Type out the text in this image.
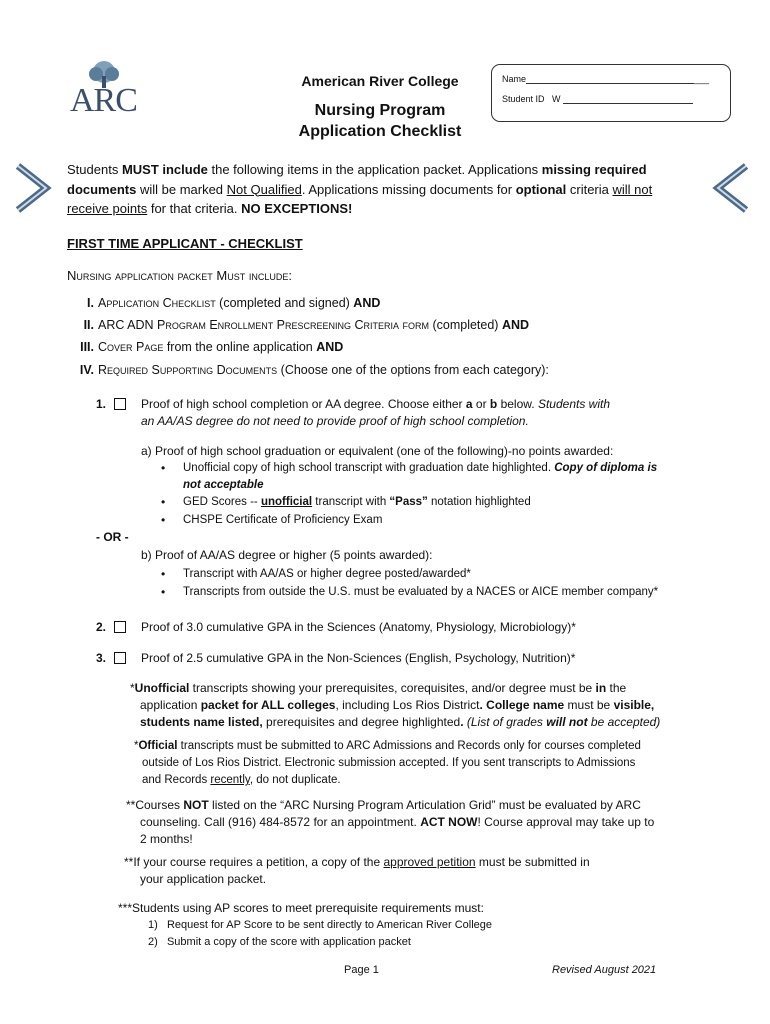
ARC
American River College
Nursing Program
Application Checklist
Name	___
Student ID W
Students MUST include the following items in the application packet. Applications missing required documents will be marked Not Qualified. Applications missing documents for optional criteria will not receive points for that criteria. NO EXCEPTIONS!
FIRST TIME APPLICANT - CHECKLIST
Nursing application packet Must include:
I. Application Checklist (completed and signed) AND
II. ARC ADN Program Enrollment Prescreening Criteria form (completed) AND
III. Cover Page from the online application AND
IV. Required Supporting Documents (Choose one of the options from each category):
1.	Proof of high school completion or AA degree. Choose either a or b below. Students with
an AA/AS degree do not need to provide proof of high school completion.
a) Proof of high school graduation or equivalent (one of the following)-no points awarded:
Unofficial copy of high school transcript with graduation date highlighted. Copy of diploma is
not acceptable
GED Scores -- unofficial transcript with “Pass” notation highlighted
CHSPE Certificate of Proficiency Exam
- OR -
b) Proof of AA/AS degree or higher (5 points awarded):
Transcript with AA/AS or higher degree posted/awarded*
Transcripts from outside the U.S. must be evaluated by a NACES or AICE member company*
2.	Proof of 3.0 cumulative GPA in the Sciences (Anatomy, Physiology, Microbiology)*
3.	Proof of 2.5 cumulative GPA in the Non-Sciences (English, Psychology, Nutrition)*
*Unofficial transcripts showing your prerequisites, corequisites, and/or degree must be in the
application packet for ALL colleges, including Los Rios District. College name must be visible,
students name listed, prerequisites and degree highlighted. (List of grades will not be accepted)
*Official transcripts must be submitted to ARC Admissions and Records only for courses completed
outside of Los Rios District. Electronic submission accepted. If you sent transcripts to Admissions
and Records recently, do not duplicate.
**Courses NOT listed on the “ARC Nursing Program Articulation Grid” must be evaluated by ARC
counseling. Call (916) 484-8572 for an appointment. ACT NOW! Course approval may take up to
2 months!
**If your course requires a petition, a copy of the approved petition must be submitted in
your application packet.
***Students using AP scores to meet prerequisite requirements must:
1) Request for AP Score to be sent directly to American River College
2) Submit a copy of the score with application packet
Page 1	Revised August 2021
